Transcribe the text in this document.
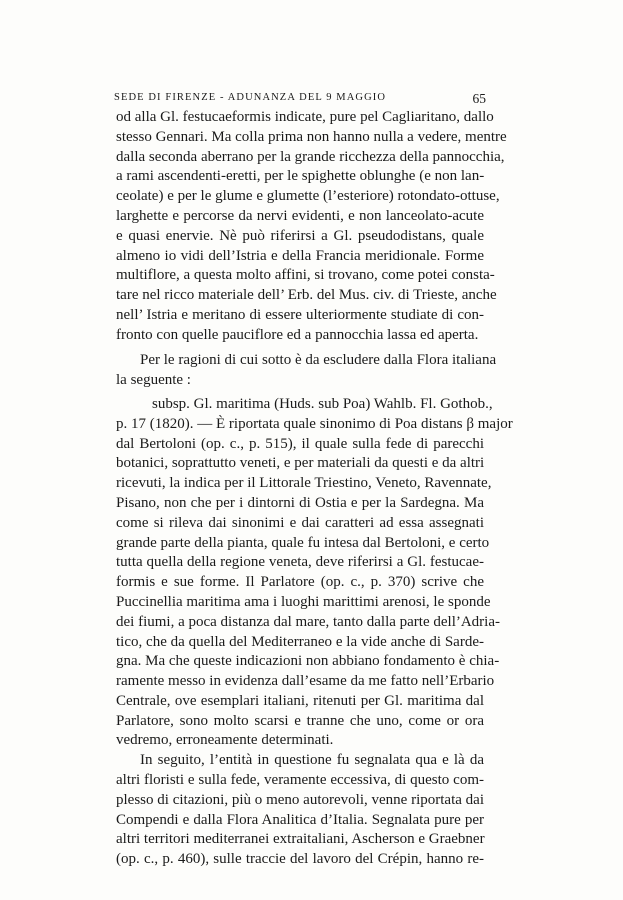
SEDE DI FIRENZE - ADUNANZA DEL 9 MAGGIO	65
od alla Gl. festucaeformis indicate, pure pel Cagliaritano, dallo
stesso Gennari. Ma colla prima non hanno nulla a vedere, mentre
dalla seconda aberrano per la grande ricchezza della pannocchia,
a rami ascendenti-eretti, per le spighette oblunghe (e non lan-
ceolate) e per le glume e glumette (l’esteriore) rotondato-ottuse,
larghette e percorse da nervi evidenti, e non lanceolato-acute
e quasi enervie. Nè può riferirsi a Gl. pseudodistans, quale
almeno io vidi dell’Istria e della Francia meridionale. Forme
multiflore, a questa molto affini, si trovano, come potei consta-
tare nel ricco materiale dell’ Erb. del Mus. civ. di Trieste, anche
nell’ Istria e meritano di essere ulteriormente studiate di con-
fronto con quelle pauciflore ed a pannocchia lassa ed aperta.
Per le ragioni di cui sotto è da escludere dalla Flora italiana
la seguente :
subsp. Gl. maritima (Huds. sub Poa) Wahlb. Fl. Gothob.,
p. 17 (1820). — È riportata quale sinonimo di Poa distans β major
dal Bertoloni (op. c., p. 515), il quale sulla fede di parecchi
botanici, soprattutto veneti, e per materiali da questi e da altri
ricevuti, la indica per il Littorale Triestino, Veneto, Ravennate,
Pisano, non che per i dintorni di Ostia e per la Sardegna. Ma
come si rileva dai sinonimi e dai caratteri ad essa assegnati
grande parte della pianta, quale fu intesa dal Bertoloni, e certo
tutta quella della regione veneta, deve riferirsi a Gl. festucae-
formis e sue forme. Il Parlatore (op. c., p. 370) scrive che
Puccinellia maritima ama i luoghi marittimi arenosi, le sponde
dei fiumi, a poca distanza dal mare, tanto dalla parte dell’Adria-
tico, che da quella del Mediterraneo e la vide anche di Sarde-
gna. Ma che queste indicazioni non abbiano fondamento è chia-
ramente messo in evidenza dall’esame da me fatto nell’Erbario
Centrale, ove esemplari italiani, ritenuti per Gl. maritima dal
Parlatore, sono molto scarsi e tranne che uno, come or ora
vedremo, erroneamente determinati.
In seguito, l’entità in questione fu segnalata qua e là da
altri floristi e sulla fede, veramente eccessiva, di questo com-
plesso di citazioni, più o meno autorevoli, venne riportata dai
Compendi e dalla Flora Analitica d’Italia. Segnalata pure per
altri territori mediterranei extraitaliani, Ascherson e Graebner
(op. c., p. 460), sulle traccie del lavoro del Crépin, hanno re-
